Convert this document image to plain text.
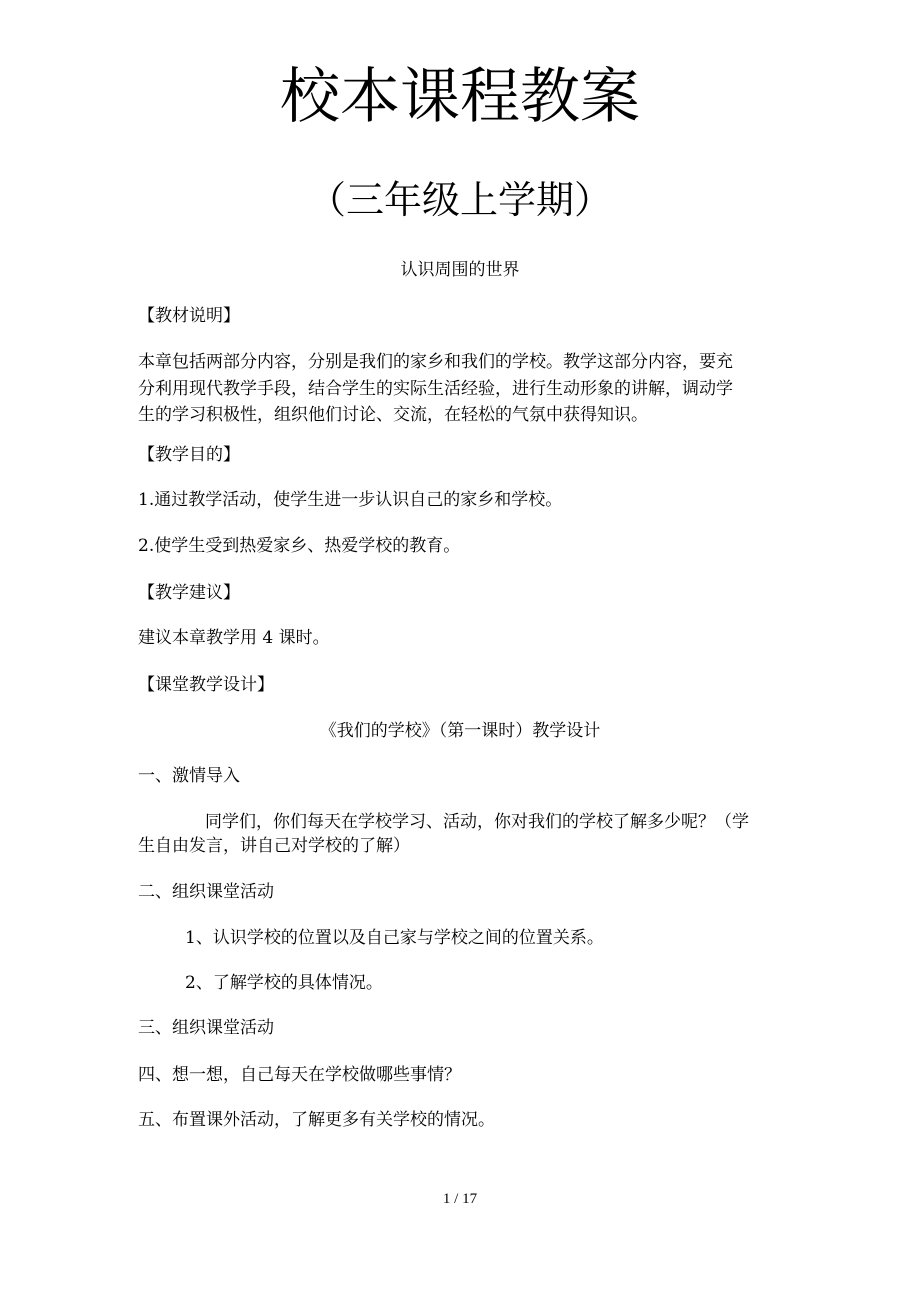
校本课程教案
（三年级上学期）
认识周围的世界
【教材说明】
本章包括两部分内容，分别是我们的家乡和我们的学校。教学这部分内容，要充
分利用现代教学手段，结合学生的实际生活经验，进行生动形象的讲解，调动学
生的学习积极性，组织他们讨论、交流，在轻松的气氛中获得知识。
【教学目的】
1.通过教学活动，使学生进一步认识自己的家乡和学校。
2.使学生受到热爱家乡、热爱学校的教育。
【教学建议】
建议本章教学用 4 课时。
【课堂教学设计】
《我们的学校》（第一课时）教学设计
一、激情导入
同学们，你们每天在学校学习、活动，你对我们的学校了解多少呢？（学
生自由发言，讲自己对学校的了解）
二、组织课堂活动
1、认识学校的位置以及自己家与学校之间的位置关系。
2、了解学校的具体情况。
三、组织课堂活动
四、想一想，自己每天在学校做哪些事情？
五、布置课外活动，了解更多有关学校的情况。
1 / 17
